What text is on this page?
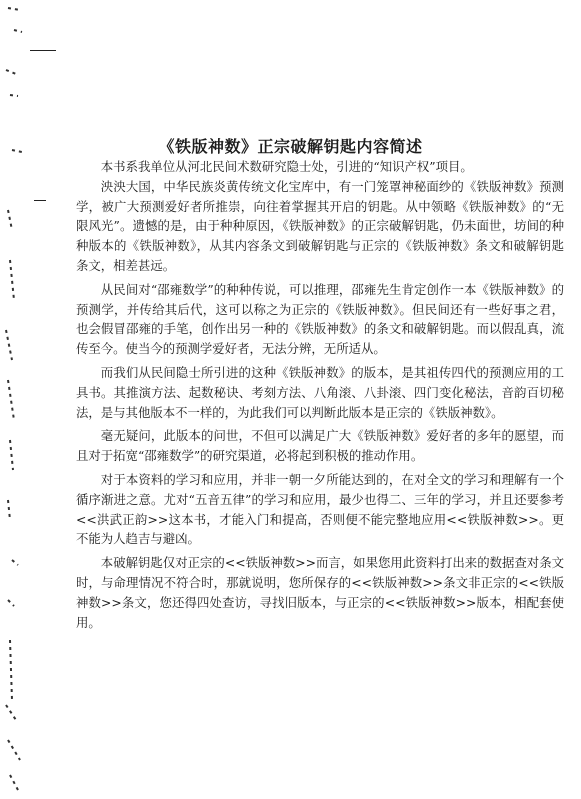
《铁版神数》正宗破解钥匙内容简述

本书系我单位从河北民间术数研究隐士处，引进的“知识产权”项目。

泱泱大国，中华民族炎黄传统文化宝库中，有一门笼罩神秘面纱的《铁版神数》预测学，被广大预测爱好者所推崇，向往着掌握其开启的钥匙。从中领略《铁版神数》的“无限风光”。遗憾的是，由于种种原因，《铁版神数》的正宗破解钥匙，仍未面世，坊间的种种版本的《铁版神数》，从其内容条文到破解钥匙与正宗的《铁版神数》条文和破解钥匙条文，相差甚远。

从民间对“邵雍数学”的种种传说，可以推理，邵雍先生肯定创作一本《铁版神数》的预测学，并传给其后代，这可以称之为正宗的《铁版神数》。但民间还有一些好事之君，也会假冒邵雍的手笔，创作出另一种的《铁版神数》的条文和破解钥匙。而以假乱真，流传至今。使当今的预测学爱好者，无法分辨，无所适从。

而我们从民间隐士所引进的这种《铁版神数》的版本，是其祖传四代的预测应用的工具书。其推演方法、起数秘诀、考刻方法、八角滚、八卦滚、四门变化秘法，音韵百切秘法，是与其他版本不一样的，为此我们可以判断此版本是正宗的《铁版神数》。

毫无疑问，此版本的问世，不但可以满足广大《铁版神数》爱好者的多年的愿望，而且对于拓宽“邵雍数学”的研究渠道，必将起到积极的推动作用。

对于本资料的学习和应用，并非一朝一夕所能达到的，在对全文的学习和理解有一个循序渐进之意。尤对“五音五律”的学习和应用，最少也得二、三年的学习，并且还要参考<<洪武正韵>>这本书，才能入门和提高，否则便不能完整地应用<<铁版神数>>。更不能为人趋吉与避凶。

本破解钥匙仅对正宗的<<铁版神数>>而言，如果您用此资料打出来的数据查对条文时，与命理情况不符合时，那就说明，您所保存的<<铁版神数>>条文非正宗的<<铁版神数>>条文，您还得四处查访，寻找旧版本，与正宗的<<铁版神数>>版本，相配套使用。
